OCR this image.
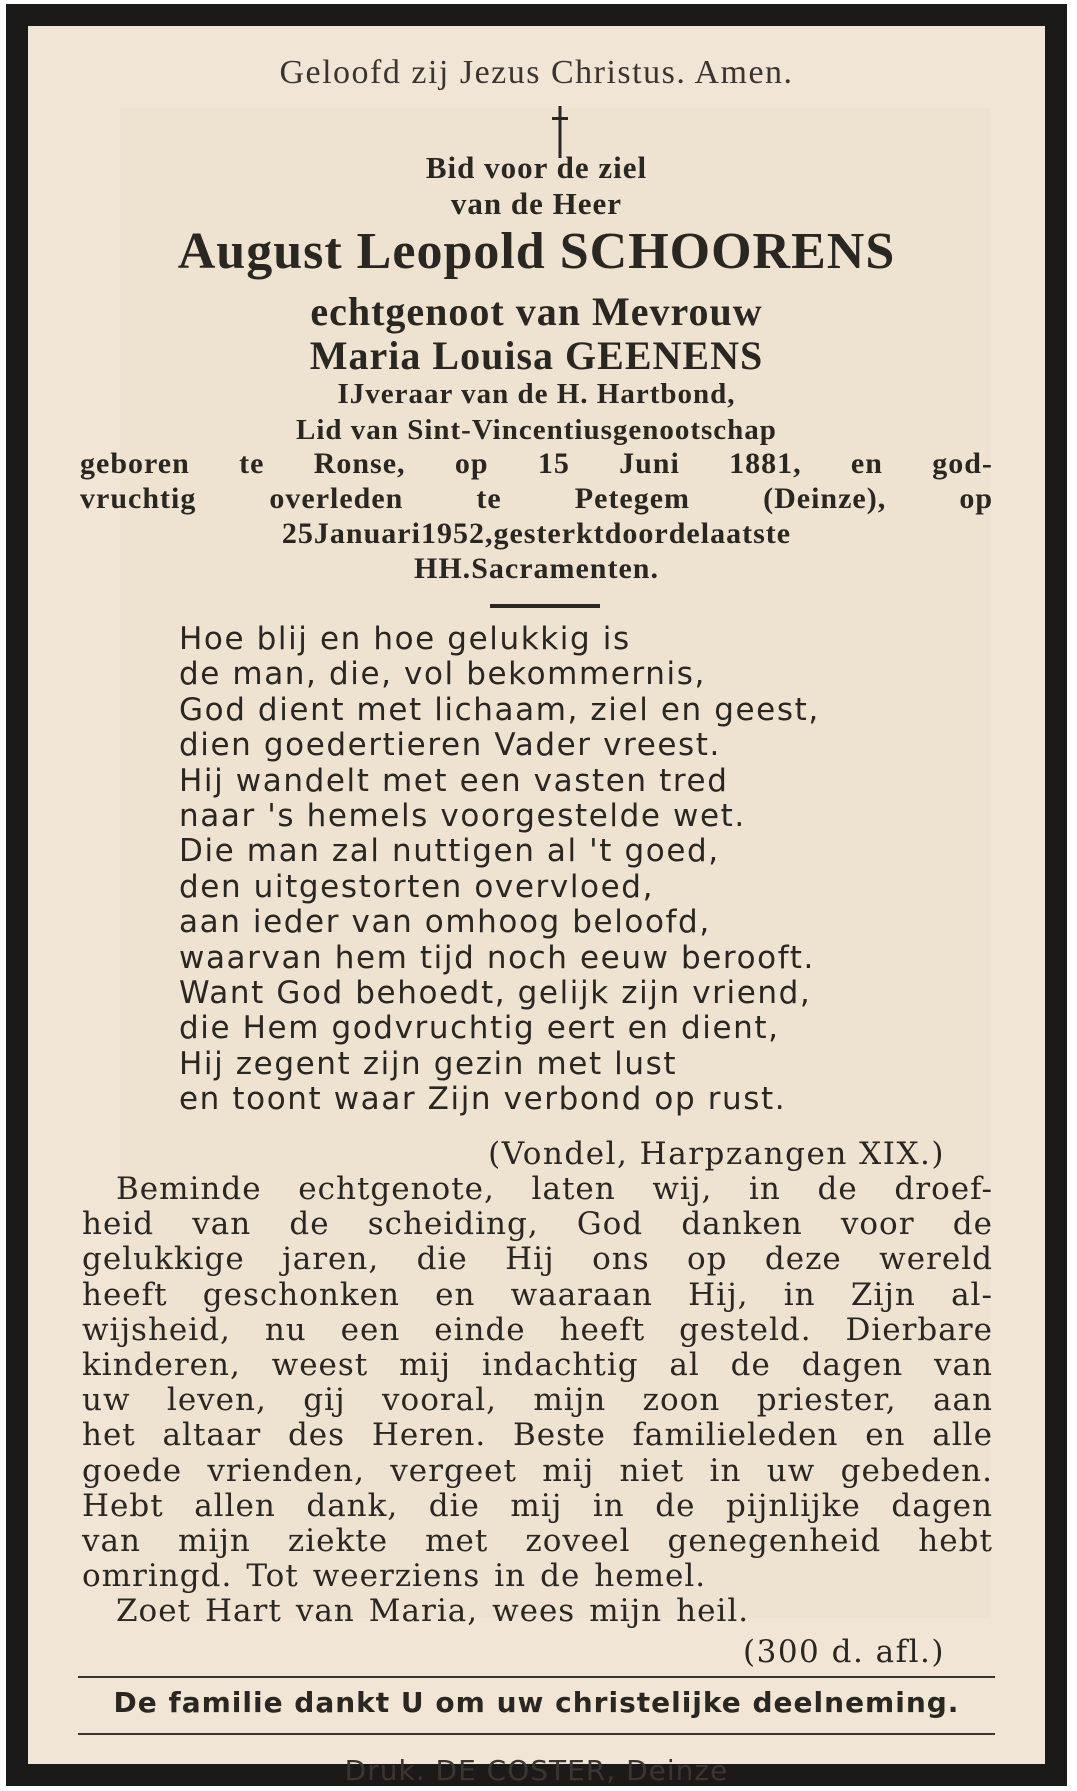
Geloofd zij Jezus Christus. Amen.
Bid voor de ziel
van de Heer
August Leopold SCHOORENS
echtgenoot van Mevrouw
Maria Louisa GEENENS
IJveraar van de H. Hartbond,
Lid van Sint-Vincentiusgenootschap
geboren te Ronse, op 15 Juni 1881, en god-
vruchtig overleden te Petegem (Deinze), op
25 Januari 1952, gesterkt door de laatste
HH. Sacramenten.
Hoe blij en hoe gelukkig is
de man, die, vol bekommernis,
God dient met lichaam, ziel en geest,
dien goedertieren Vader vreest.
Hij wandelt met een vasten tred
naar 's hemels voorgestelde wet.
Die man zal nuttigen al 't goed,
den uitgestorten overvloed,
aan ieder van omhoog beloofd,
waarvan hem tijd noch eeuw berooft.
Want God behoedt, gelijk zijn vriend,
die Hem godvruchtig eert en dient,
Hij zegent zijn gezin met lust
en toont waar Zijn verbond op rust.
(Vondel, Harpzangen XIX.)
Beminde echtgenote, laten wij, in de droef-
heid van de scheiding, God danken voor de
gelukkige jaren, die Hij ons op deze wereld
heeft geschonken en waaraan Hij, in Zijn al-
wijsheid, nu een einde heeft gesteld. Dierbare
kinderen, weest mij indachtig al de dagen van
uw leven, gij vooral, mijn zoon priester, aan
het altaar des Heren. Beste familieleden en alle
goede vrienden, vergeet mij niet in uw gebeden.
Hebt allen dank, die mij in de pijnlijke dagen
van mijn ziekte met zoveel genegenheid hebt
omringd. Tot weerziens in de hemel.
Zoet Hart van Maria, wees mijn heil.
(300 d. afl.)
De familie dankt U om uw christelijke deelneming.
Druk. DE COSTER, Deinze
